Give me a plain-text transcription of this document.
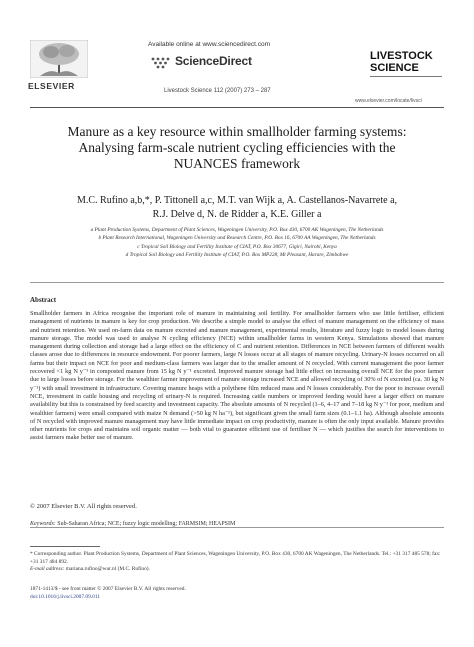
ELSEVIER
Available online at www.sciencedirect.com
ScienceDirect
Livestock Science 112 (2007) 273 – 287
LIVESTOCK
SCIENCE
www.elsevier.com/locate/livsci
Manure as a key resource within smallholder farming systems:
Analysing farm-scale nutrient cycling efficiencies with the
NUANCES framework
M.C. Rufino a,b,*, P. Tittonell a,c, M.T. van Wijk a, A. Castellanos-Navarrete a,
R.J. Delve d, N. de Ridder a, K.E. Giller a
a Plant Production Systems, Department of Plant Sciences, Wageningen University, P.O. Box 430, 6700 AK Wageningen, The Netherlands
b Plant Research International, Wageningen University and Research Centre, P.O. Box 16, 6700 AA Wageningen, The Netherlands
c Tropical Soil Biology and Fertility Institute of CIAT, P.O. Box 30677, Gigiri, Nairobi, Kenya
d Tropical Soil Biology and Fertility Institute of CIAT, P.O. Box MP228, Mt Pleasant, Harare, Zimbabwe
Abstract
Smallholder farmers in Africa recognise the important role of manure in maintaining soil fertility. For smallholder farmers who use little fertiliser, efficient management of nutrients in manure is key for crop production. We describe a simple model to analyse the effect of manure management on the efficiency of mass and nutrient retention. We used on-farm data on manure excreted and manure management, experimental results, literature and fuzzy logic to model losses during manure storage. The model was used to analyse N cycling efficiency (NCE) within smallholder farms in western Kenya. Simulations showed that manure management during collection and storage had a large effect on the efficiency of C and nutrient retention. Differences in NCE between farmers of different wealth classes arose due to differences in resource endowment. For poorer farmers, large N losses occur at all stages of manure recycling. Urinary-N losses occurred on all farms but their impact on NCE for poor and medium-class farmers was larger due to the smaller amount of N recycled. With current management the poor farmer recovered <1 kg N y⁻¹ in composted manure from 15 kg N y⁻¹ excreted. Improved manure storage had little effect on increasing overall NCE for the poor farmer due to large losses before storage. For the wealthier farmer improvement of manure storage increased NCE and allowed recycling of 30% of N excreted (ca. 30 kg N y⁻¹) with small investment in infrastructure. Covering manure heaps with a polythene film reduced mass and N losses considerably. For the poor to increase overall NCE, investment in cattle housing and recycling of urinary-N is required. Increasing cattle numbers or improved feeding would have a larger effect on manure availability but this is constrained by feed scarcity and investment capacity. The absolute amounts of N recycled (1–6, 4–17 and 7–18 kg N y⁻¹ for poor, medium and wealthier farmers) were small compared with maize N demand (>50 kg N ha⁻¹), but significant given the small farm sizes (0.1–1.1 ha). Although absolute amounts of N recycled with improved manure management may have little immediate impact on crop productivity, manure is often the only input available. Manure provides other nutrients for crops and maintains soil organic matter — both vital to guarantee efficient use of fertiliser N — which justifies the search for interventions to assist farmers make better use of manure.
© 2007 Elsevier B.V. All rights reserved.
Keywords: Sub-Saharan Africa; NCE; fuzzy logic modelling; FARMSIM; HEAPSIM
* Corresponding author. Plant Production Systems, Department of Plant Sciences, Wageningen University, P.O. Box 430, 6700 AK Wageningen, The Netherlands. Tel.: +31 317 485 578; fax: +31 317 484 892.
E-mail address: mariana.rufino@wur.nl (M.C. Rufino).
1871-1413/$ - see front matter © 2007 Elsevier B.V. All rights reserved.
doi:10.1016/j.livsci.2007.09.011
